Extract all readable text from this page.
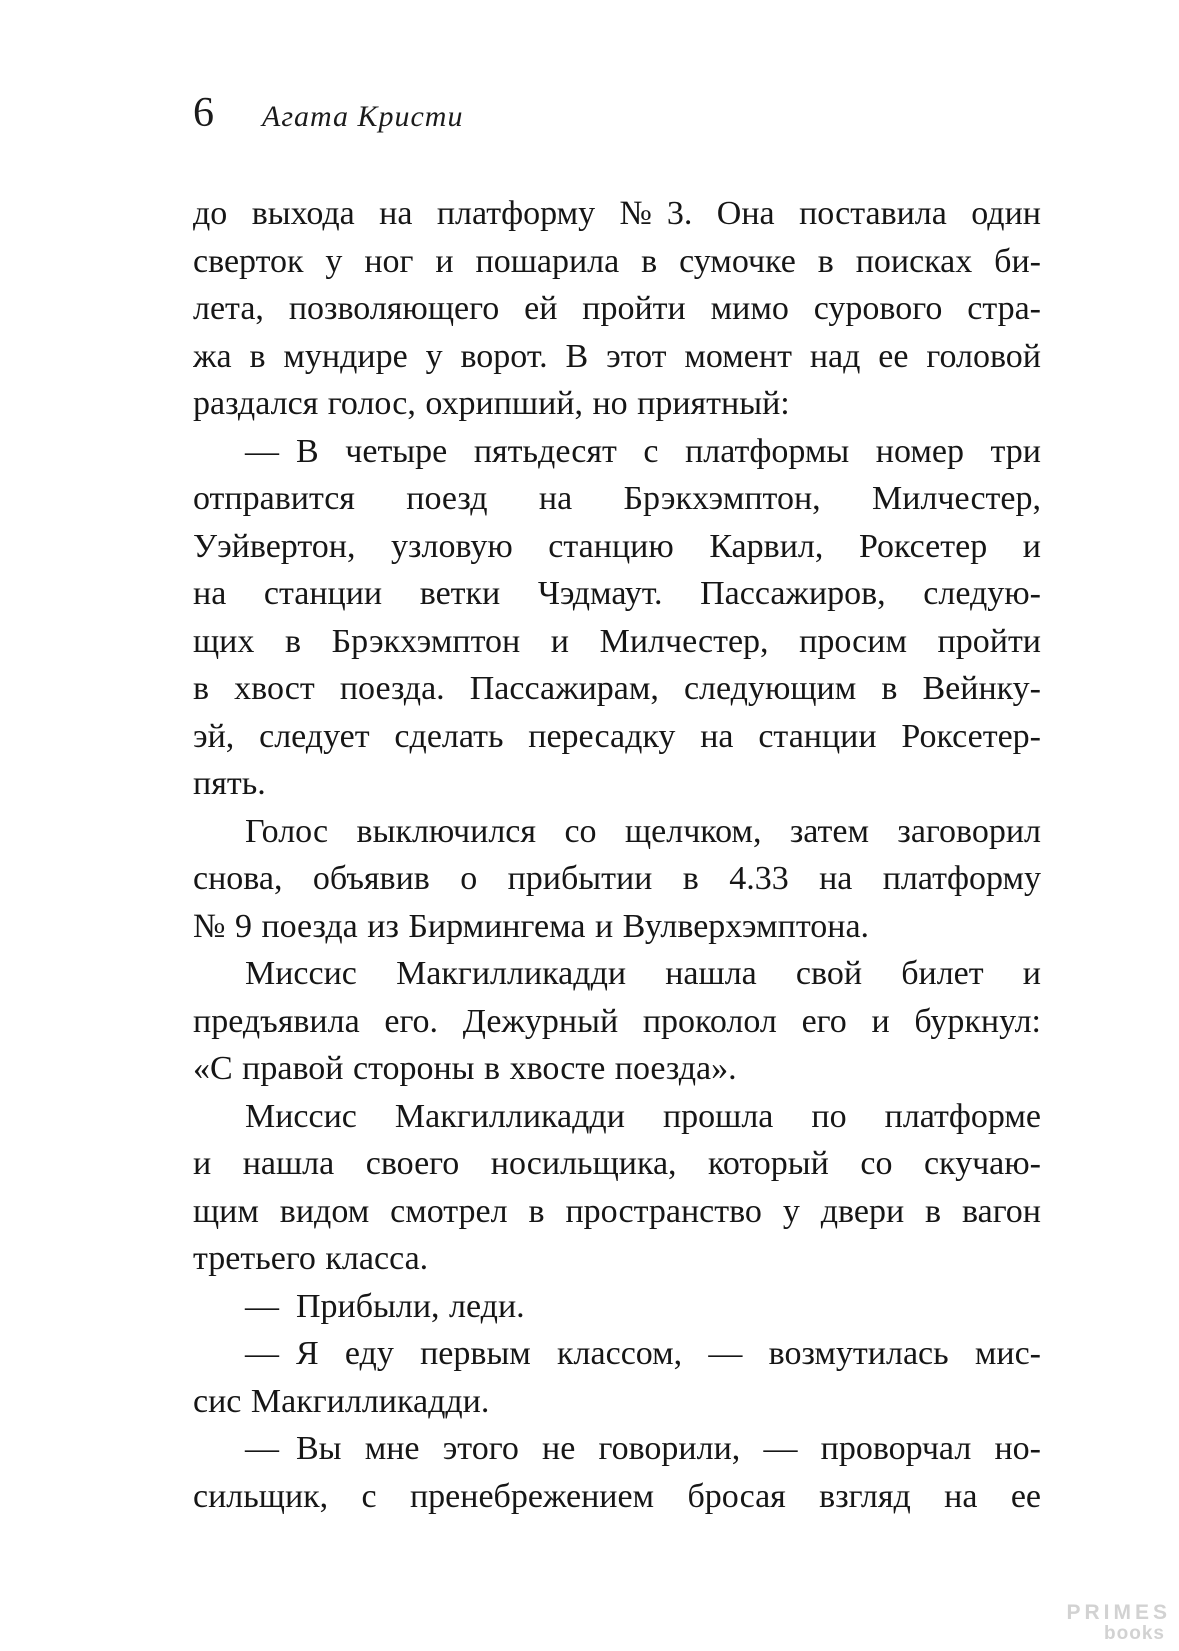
6 Агата Кристи
до выхода на платформу №3. Она поставила один
сверток у ног и пошарила в сумочке в поисках би-
лета, позволяющего ей пройти мимо сурового стра-
жа в мундире у ворот. В этот момент над ее головой
раздался голос, охрипший, но приятный:
— В четыре пятьдесят с платформы номер три
отправится поезд на Брэкхэмптон, Милчестер,
Уэйвертон, узловую станцию Карвил, Роксетер и
на станции ветки Чэдмаут. Пассажиров, следую-
щих в Брэкхэмптон и Милчестер, просим пройти
в хвост поезда. Пассажирам, следующим в Вейнку-
эй, следует сделать пересадку на станции Роксетер-
пять.
Голос выключился со щелчком, затем заговорил
снова, объявив о прибытии в 4.33 на платформу
№ 9 поезда из Бирмингема и Вулверхэмптона.
Миссис Макгилликадди нашла свой билет и
предъявила его. Дежурный проколол его и буркнул:
«С правой стороны в хвосте поезда».
Миссис Макгилликадди прошла по платформе
и нашла своего носильщика, который со скучаю-
щим видом смотрел в пространство у двери в вагон
третьего класса.
— Прибыли, леди.
— Я еду первым классом, — возмутилась мис-
сис Макгилликадди.
— Вы мне этого не говорили, — проворчал но-
сильщик, с пренебрежением бросая взгляд на ее
PRIMES
books
